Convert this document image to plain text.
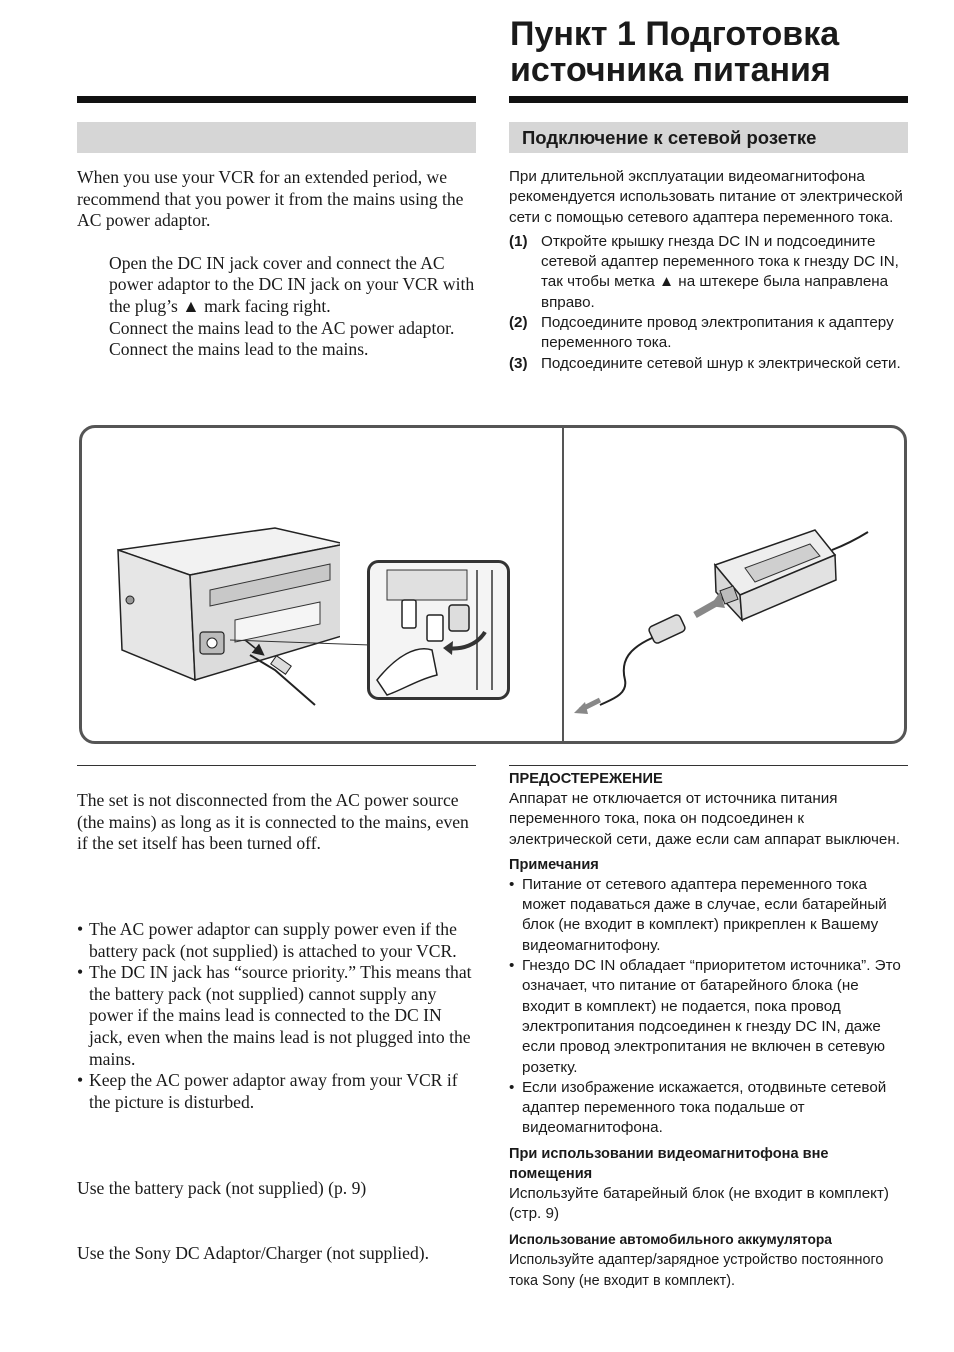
Пункт 1 Подготовка
источника питания
Подключение к сетевой розетке

When you use your VCR for an extended period, we recommend that you power it from the mains using the AC power adaptor.

Open the DC IN jack cover and connect the AC power adaptor to the DC IN jack on your VCR with the plug’s ▲ mark facing right.
Connect the mains lead to the AC power adaptor.
Connect the mains lead to the mains.
При длительной эксплуатации видеомагнитофона рекомендуется использовать питание от электрической сети с помощью сетевого адаптера переменного тока.
(1) Откройте крышку гнезда DC IN и подсоедините сетевой адаптер переменного тока к гнезду DC IN, так чтобы метка ▲ на штекере была направлена вправо.
(2) Подсоедините провод электропитания к адаптеру переменного тока.
(3) Подсоедините сетевой шнур к электрической сети.
The set is not disconnected from the AC power source (the mains) as long as it is connected to the mains, even if the set itself has been turned off.
• The AC power adaptor can supply power even if the battery pack (not supplied) is attached to your VCR.
• The DC IN jack has “source priority.” This means that the battery pack (not supplied) cannot supply any power if the mains lead is connected to the DC IN jack, even when the mains lead is not plugged into the mains.
• Keep the AC power adaptor away from your VCR if the picture is disturbed.
Use the battery pack (not supplied) (p. 9)
Use the Sony DC Adaptor/Charger (not supplied).
ПРЕДОСТЕРЕЖЕНИЕ
Аппарат не отключается от источника питания переменного тока, пока он подсоединен к электрической сети, даже если сам аппарат выключен.
Примечания
• Питание от сетевого адаптера переменного тока может подаваться даже в случае, если батарейный блок (не входит в комплект) прикреплен к Вашему видеомагнитофону.
• Гнездо DC IN обладает “приоритетом источника”. Это означает, что питание от батарейного блока (не входит в комплект) не подается, пока провод электропитания подсоединен к гнезду DC IN, даже если провод электропитания не включен в сетевую розетку.
• Если изображение искажается, отодвиньте сетевой адаптер переменного тока подальше от видеомагнитофона.
При использовании видеомагнитофона вне помещения
Используйте батарейный блок (не входит в комплект) (стр. 9)
Использование автомобильного аккумулятора
Используйте адаптер/зарядное устройство постоянного тока Sony (не входит в комплект).
